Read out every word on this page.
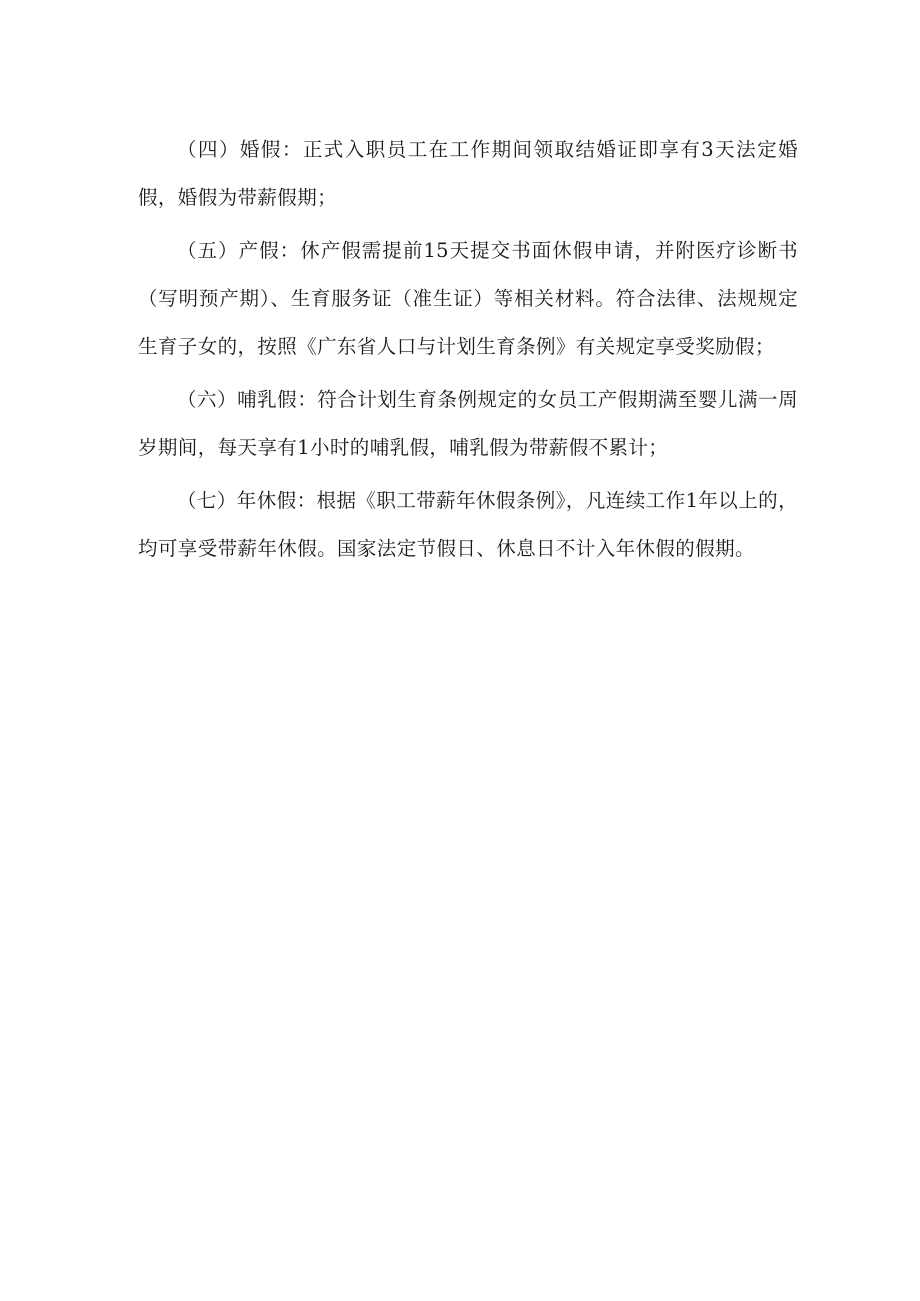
（四）婚假：正式入职员工在工作期间领取结婚证即享有3天法定婚假，婚假为带薪假期；

（五）产假：休产假需提前15天提交书面休假申请，并附医疗诊断书（写明预产期）、生育服务证（准生证）等相关材料。符合法律、法规规定生育子女的，按照《广东省人口与计划生育条例》有关规定享受奖励假；

（六）哺乳假：符合计划生育条例规定的女员工产假期满至婴儿满一周岁期间，每天享有1小时的哺乳假，哺乳假为带薪假不累计；

（七）年休假：根据《职工带薪年休假条例》，凡连续工作1年以上的，均可享受带薪年休假。国家法定节假日、休息日不计入年休假的假期。
